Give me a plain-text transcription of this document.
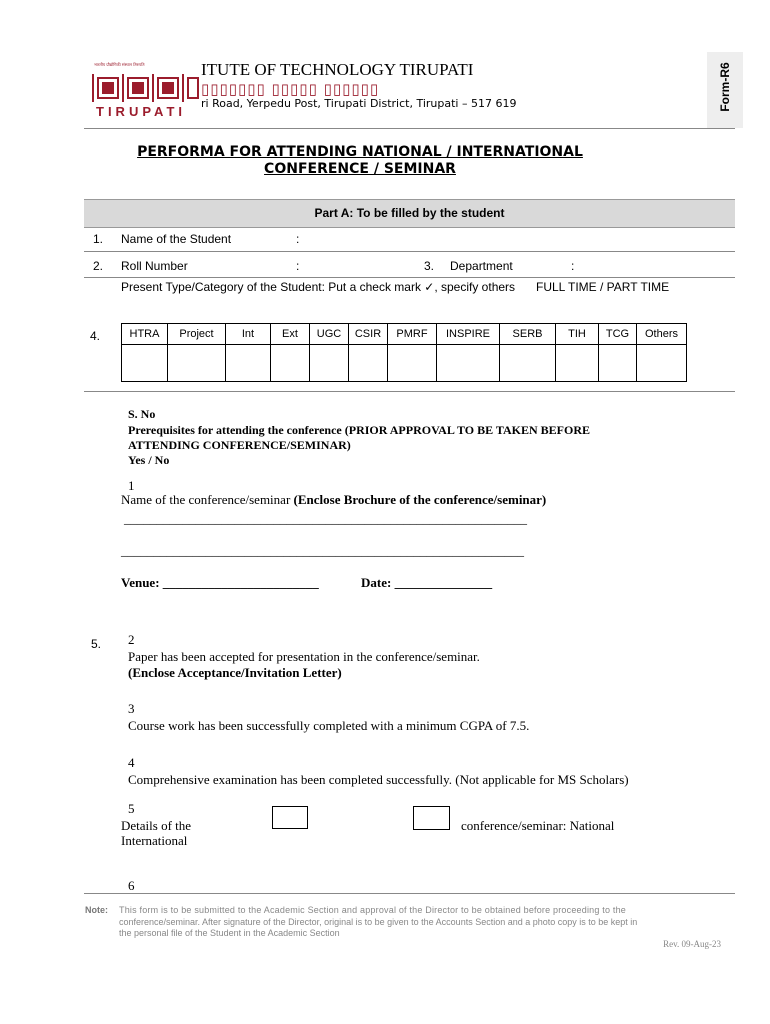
भारतीय प्रौद्योगिकी संस्थान तिरुपति
TIRUPATI
ITUTE OF TECHNOLOGY TIRUPATI
▯▯▯▯▯▯▯ ▯▯▯▯▯ ▯▯▯▯▯▯
ri Road, Yerpedu Post, Tirupati District, Tirupati – 517 619	Form-R6
PERFORMA FOR ATTENDING NATIONAL / INTERNATIONAL
CONFERENCE / SEMINAR
Part A: To be filled by the student
1. Name of the Student	:
2. Roll Number	:	3. Department	:
Present Type/Category of the Student: Put a check mark ✓, specify others FULL TIME / PART TIME
4.	HTRA	Project	Int	Ext	UGC	CSIR	PMRF	INSPIRE	SERB	TIH	TCG	Others

S. No
Prerequisites for attending the conference (PRIOR APPROVAL TO BE TAKEN BEFORE
ATTENDING CONFERENCE/SEMINAR)
Yes / No
1
Name of the conference/seminar (Enclose Brochure of the conference/seminar)
______________________________________________________________
______________________________________________________________
Venue: ________________________	Date: _______________
5. 2
Paper has been accepted for presentation in the conference/seminar.
(Enclose Acceptance/Invitation Letter)
3
Course work has been successfully completed with a minimum CGPA of 7.5.
4
Comprehensive examination has been completed successfully. (Not applicable for MS Scholars)
5
Details of the
International
conference/seminar: National
6
Note: This form is to be submitted to the Academic Section and approval of the Director to be obtained before proceeding to the
conference/seminar. After signature of the Director, original is to be given to the Accounts Section and a photo copy is to be kept in
the personal file of the Student in the Academic Section
Rev. 09-Aug-23
